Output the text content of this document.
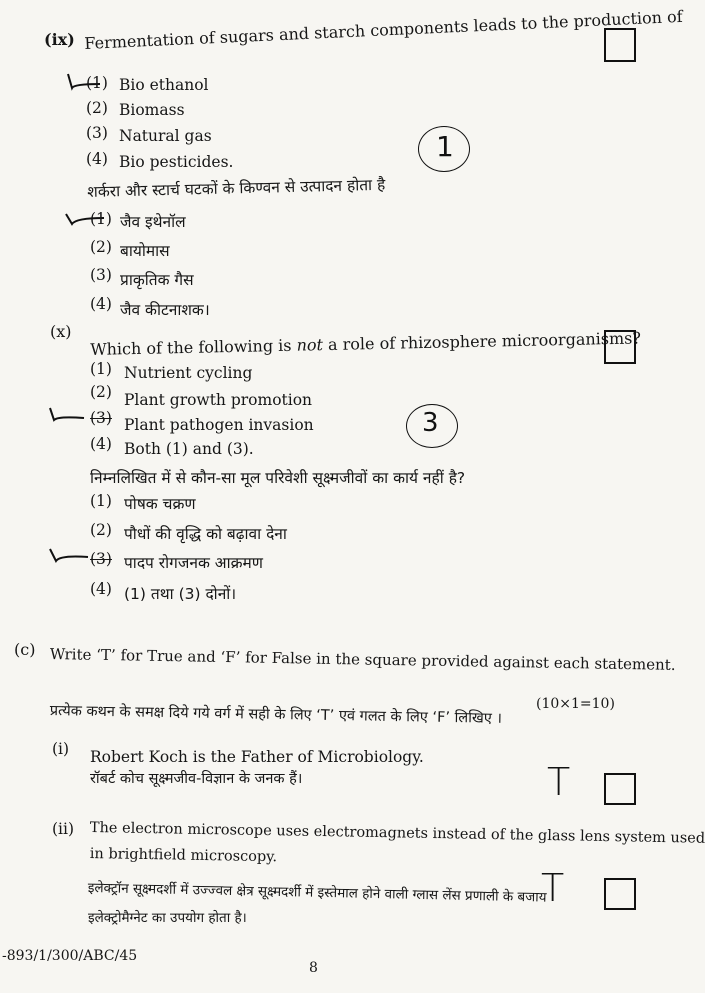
(ix) Fermentation of sugars and starch components leads to the production of
(1) Bio ethanol
(2) Biomass
(3) Natural gas
(4) Bio pesticides.	1
शर्करा और स्टार्च घटकों के किण्वन से उत्पादन होता है
(1) जैव इथेनॉल
(2) बायोमास
(3) प्राकृतिक गैस
(4) जैव कीटनाशक।
(x)
Which of the following is not a role of rhizosphere microorganisms?
(1) Nutrient cycling
(2) Plant growth promotion
(3) Plant pathogen invasion
(4) Both (1) and (3).
3
निम्नलिखित में से कौन-सा मूल परिवेशी सूक्ष्मजीवों का कार्य नहीं है?
(1) पोषक चक्रण
(2) पौधों की वृद्धि को बढ़ावा देना
(3) पादप रोगजनक आक्रमण
(4) (1) तथा (3) दोनों।
(c) Write ‘T’ for True and ‘F’ for False in the square provided against each statement.
(10×1=10)
प्रत्येक कथन के समक्ष दिये गये वर्ग में सही के लिए ‘T’ एवं गलत के लिए ‘F’ लिखिए ।
(i) Robert Koch is the Father of Microbiology.
रॉबर्ट कोच सूक्ष्मजीव-विज्ञान के जनक हैं।	T
(ii) The electron microscope uses electromagnets instead of the glass lens system used
in brightfield microscopy.
इलेक्ट्रॉन सूक्ष्मदर्शी में उज्ज्वल क्षेत्र सूक्ष्मदर्शी में इस्तेमाल होने वाली ग्लास लेंस प्रणाली के बजाय
इलेक्ट्रोमैग्नेट का उपयोग होता है।
T
-893/1/300/ABC/45
8
